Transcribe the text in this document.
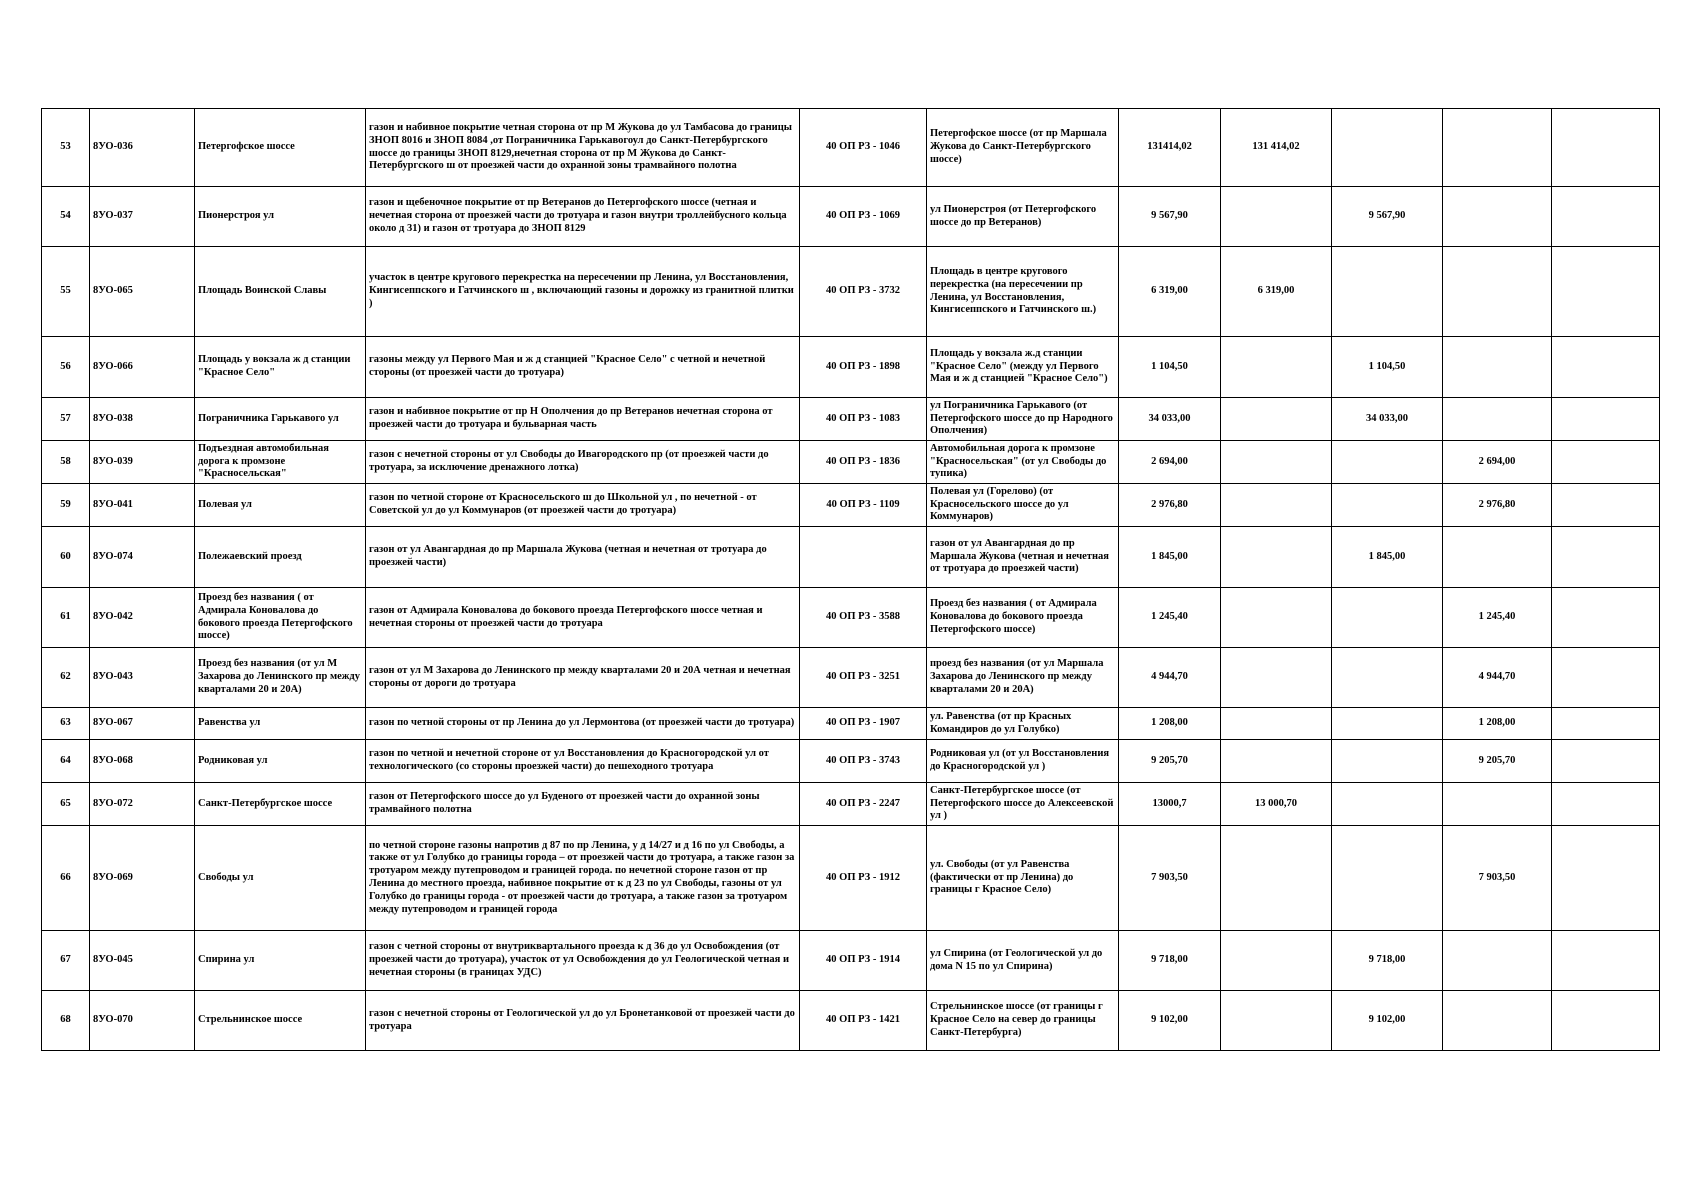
53	8УО-036	Петергофское шоссе	газон и набивное покрытие четная сторона от пр М Жукова до ул Тамбасова до границы ЗНОП 8016 и ЗНОП 8084 ,от Пограничника Гарькавогоул до Санкт-Петербургского шоссе до границы ЗНОП 8129,нечетная сторона от пр М Жукова до Санкт-Петербургского ш от проезжей части до охранной зоны трамвайного полотна	40 ОП РЗ - 1046	Петергофское шоссе (от пр Маршала Жукова до Санкт-Петербургского шоссе)	131414,02	131 414,02			
54	8УО-037	Пионерстроя ул	газон и щебеночное покрытие от пр Ветеранов до Петергофского шоссе (четная и нечетная сторона от проезжей части до тротуара и газон внутри троллейбусного кольца около д 31) и газон от тротуара до ЗНОП 8129	40 ОП РЗ - 1069	ул Пионерстроя (от Петергофского шоссе до пр Ветеранов)	9 567,90		9 567,90		
55	8УО-065	Площадь Воинской Славы	участок в центре кругового перекрестка на пересечении пр Ленина, ул Восстановления, Кингисеппского и Гатчинского ш , включающий газоны и дорожку из гранитной плитки )	40 ОП РЗ - 3732	Площадь в центре кругового перекрестка (на пересечении пр Ленина, ул Восстановления, Кингисеппского и Гатчинского ш.)	6 319,00	6 319,00			
56	8УО-066	Площадь у вокзала ж д станции "Красное Село"	газоны между ул Первого Мая и ж д станцией "Красное Село" с четной и нечетной стороны (от проезжей части до тротуара)	40 ОП РЗ - 1898	Площадь у вокзала ж.д станции "Красное Село" (между ул Первого Мая и ж д станцией "Красное Село")	1 104,50		1 104,50		
57	8УО-038	Пограничника Гарькавого ул	газон и набивное покрытие от пр Н Ополчения до пр Ветеранов нечетная сторона от проезжей части до тротуара и бульварная часть	40 ОП РЗ - 1083	ул Пограничника Гарькавого (от Петергофского шоссе до пр Народного Ополчения)	34 033,00		34 033,00		
58	8УО-039	Подъездная автомобильная дорога к промзоне "Красносельская"	газон с нечетной стороны от ул Свободы до Ивагородского пр (от проезжей части до тротуара, за исключение дренажного лотка)	40 ОП РЗ - 1836	Автомобильная дорога к промзоне "Красносельская" (от ул Свободы до тупика)	2 694,00			2 694,00	
59	8УО-041	Полевая ул	газон по четной стороне от Красносельского ш до Школьной ул , по нечетной - от Советской ул до ул Коммунаров (от проезжей части до тротуара)	40 ОП РЗ - 1109	Полевая ул (Горелово) (от Красносельского шоссе до ул Коммунаров)	2 976,80			2 976,80	
60	8УО-074	Полежаевский проезд	газон от ул Авангардная до пр Маршала Жукова (четная и нечетная от тротуара до проезжей части)		газон от ул Авангардная до пр Маршала Жукова (четная и нечетная от тротуара до проезжей части)	1 845,00		1 845,00		
61	8УО-042	Проезд без названия ( от Адмирала Коновалова до бокового проезда Петергофского шоссе)	газон от Адмирала Коновалова до бокового проезда Петергофского шоссе четная и нечетная стороны от проезжей части до тротуара	40 ОП РЗ - 3588	Проезд без названия ( от Адмирала Коновалова до бокового проезда Петергофского шоссе)	1 245,40			1 245,40	
62	8УО-043	Проезд без названия (от ул М Захарова до Ленинского пр между кварталами 20 и 20А)	газон от ул М Захарова до Ленинского пр между кварталами 20 и 20А четная и нечетная стороны от дороги до тротуара	40 ОП РЗ - 3251	проезд без названия (от ул Маршала Захарова до Ленинского пр между кварталами 20 и 20А)	4 944,70			4 944,70	
63	8УО-067	Равенства ул	газон по четной стороны от пр Ленина до ул Лермонтова (от проезжей части до тротуара)	40 ОП РЗ - 1907	ул. Равенства (от пр Красных Командиров до ул Голубко)	1 208,00			1 208,00	
64	8УО-068	Родниковая ул	газон по четной и нечетной стороне от ул Восстановления до Красногородской ул от технологического (со стороны проезжей части) до пешеходного тротуара	40 ОП РЗ - 3743	Родниковая ул (от ул Восстановления до Красногородской ул )	9 205,70			9 205,70	
65	8УО-072	Санкт-Петербургское шоссе	газон от Петергофского шоссе до ул Буденого от проезжей части до охранной зоны трамвайного полотна	40 ОП РЗ - 2247	Санкт-Петербургское шоссе (от Петергофского шоссе до Алексеевской ул )	13000,7	13 000,70			
66	8УО-069	Свободы ул	по четной стороне газоны напротив д 87 по пр Ленина, у д 14/27 и д 16 по ул Свободы, а также от ул Голубко до границы города – от проезжей части до тротуара, а также газон за тротуаром между путепроводом и границей города. по нечетной стороне газон от пр Ленина до местного проезда, набивное покрытие от к д 23 по ул Свободы, газоны от ул Голубко до границы города - от проезжей части до тротуара, а также газон за тротуаром между путепроводом и границей города	40 ОП РЗ - 1912	ул. Свободы (от ул Равенства (фактически от пр Ленина) до границы г Красное Село)	7 903,50			7 903,50	
67	8УО-045	Спирина ул	газон с четной стороны от внутриквартального проезда к д 36 до ул Освобождения (от проезжей части до тротуара), участок от ул Освобождения до ул Геологической четная и нечетная стороны (в границах УДС)	40 ОП РЗ - 1914	ул Спирина (от Геологической ул до дома N 15 по ул Спирина)	9 718,00		9 718,00		
68	8УО-070	Стрельнинское шоссе	газон с нечетной стороны от Геологической ул до ул Бронетанковой от проезжей части до тротуара	40 ОП РЗ - 1421	Стрельнинское шоссе (от границы г Красное Село на север до границы Санкт-Петербурга)	9 102,00		9 102,00		
